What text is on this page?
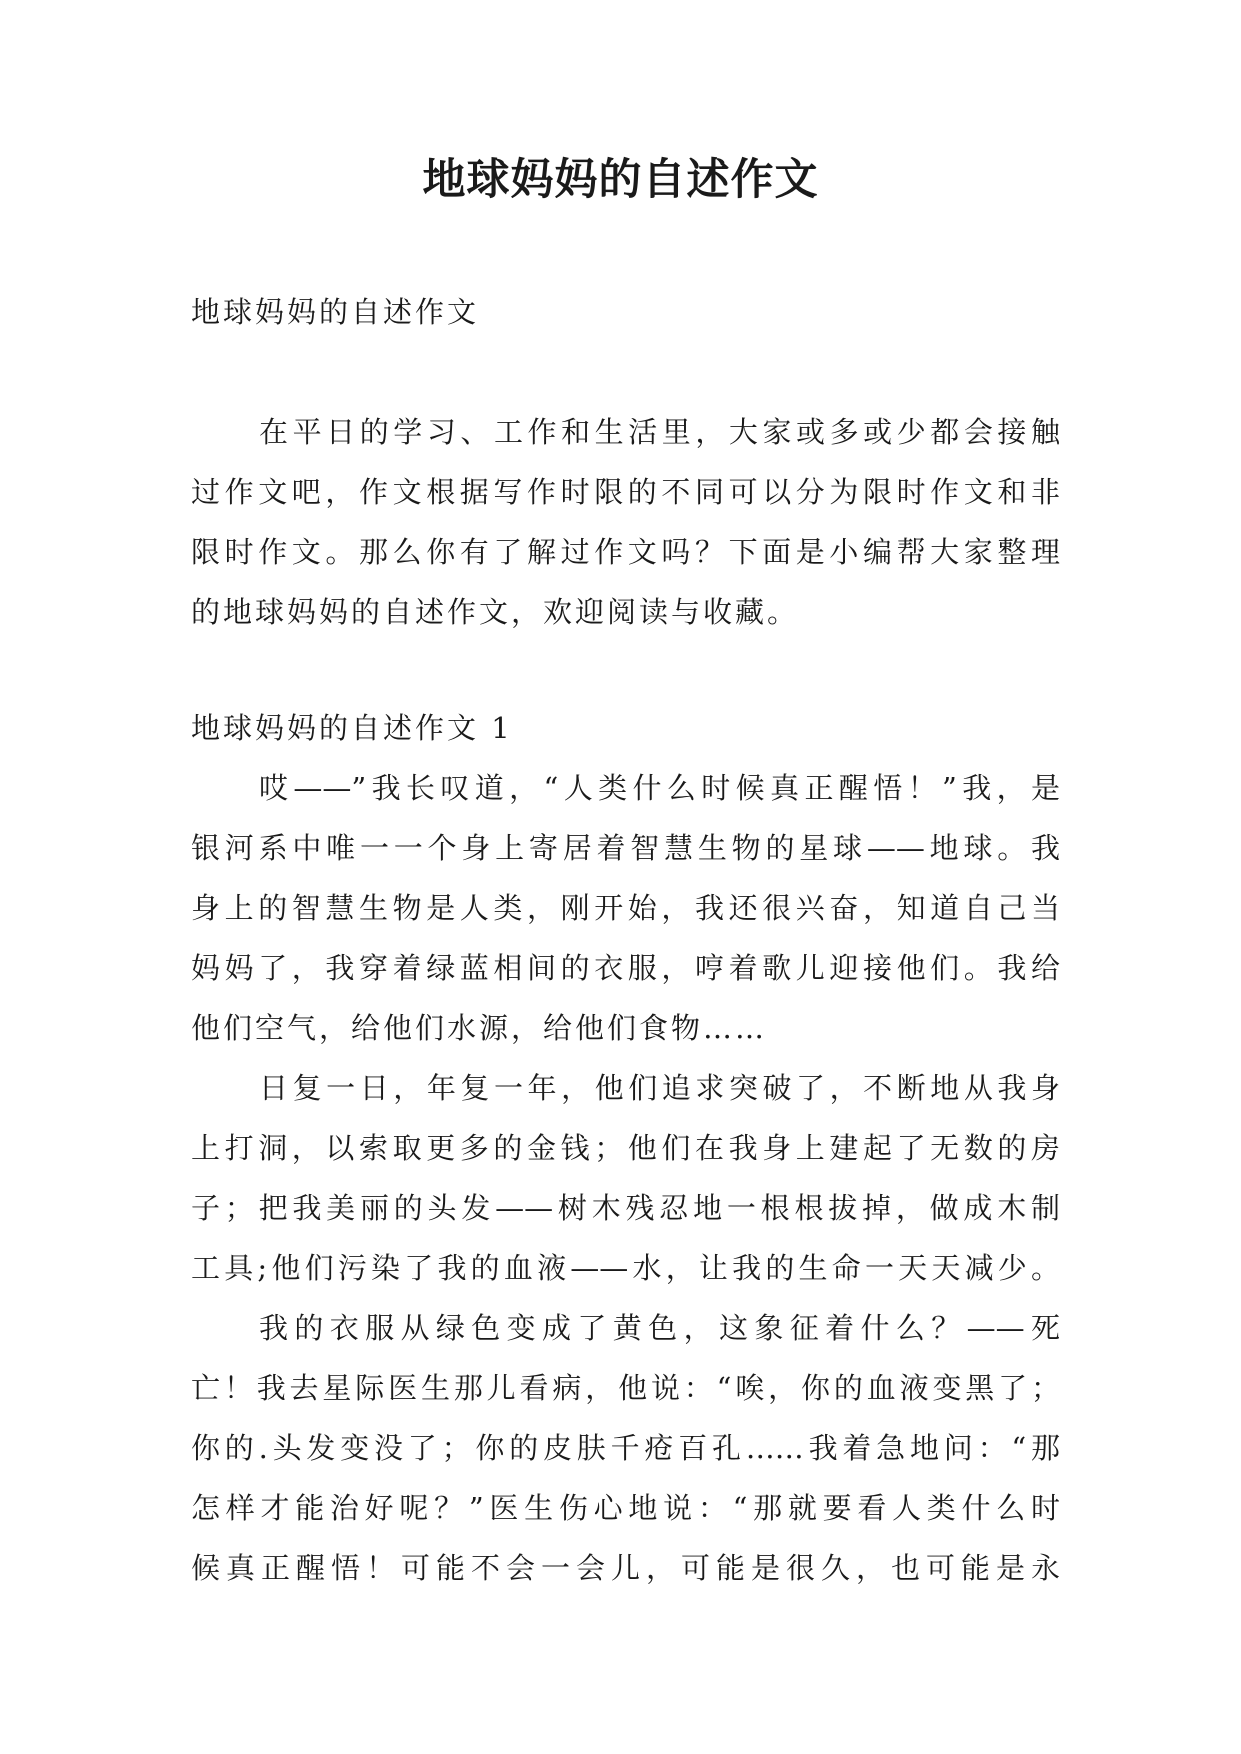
地球妈妈的自述作文
地球妈妈的自述作文
在平日的学习、工作和生活里，大家或多或少都会接触
过作文吧，作文根据写作时限的不同可以分为限时作文和非
限时作文。那么你有了解过作文吗？下面是小编帮大家整理
的地球妈妈的自述作文，欢迎阅读与收藏。
地球妈妈的自述作文 1
哎——”我长叹道，“人类什么时候真正醒悟！”我，是
银河系中唯一一个身上寄居着智慧生物的星球——地球。我
身上的智慧生物是人类，刚开始，我还很兴奋，知道自己当
妈妈了，我穿着绿蓝相间的衣服，哼着歌儿迎接他们。我给
他们空气，给他们水源，给他们食物……
日复一日，年复一年，他们追求突破了，不断地从我身
上打洞，以索取更多的金钱；他们在我身上建起了无数的房
子；把我美丽的头发——树木残忍地一根根拔掉，做成木制
工具;他们污染了我的血液——水，让我的生命一天天减少。
我的衣服从绿色变成了黄色，这象征着什么？——死
亡！我去星际医生那儿看病，他说：“唉，你的血液变黑了；
你的.头发变没了；你的皮肤千疮百孔……我着急地问：“那
怎样才能治好呢？”医生伤心地说：“那就要看人类什么时
候真正醒悟！可能不会一会儿，可能是很久，也可能是永
